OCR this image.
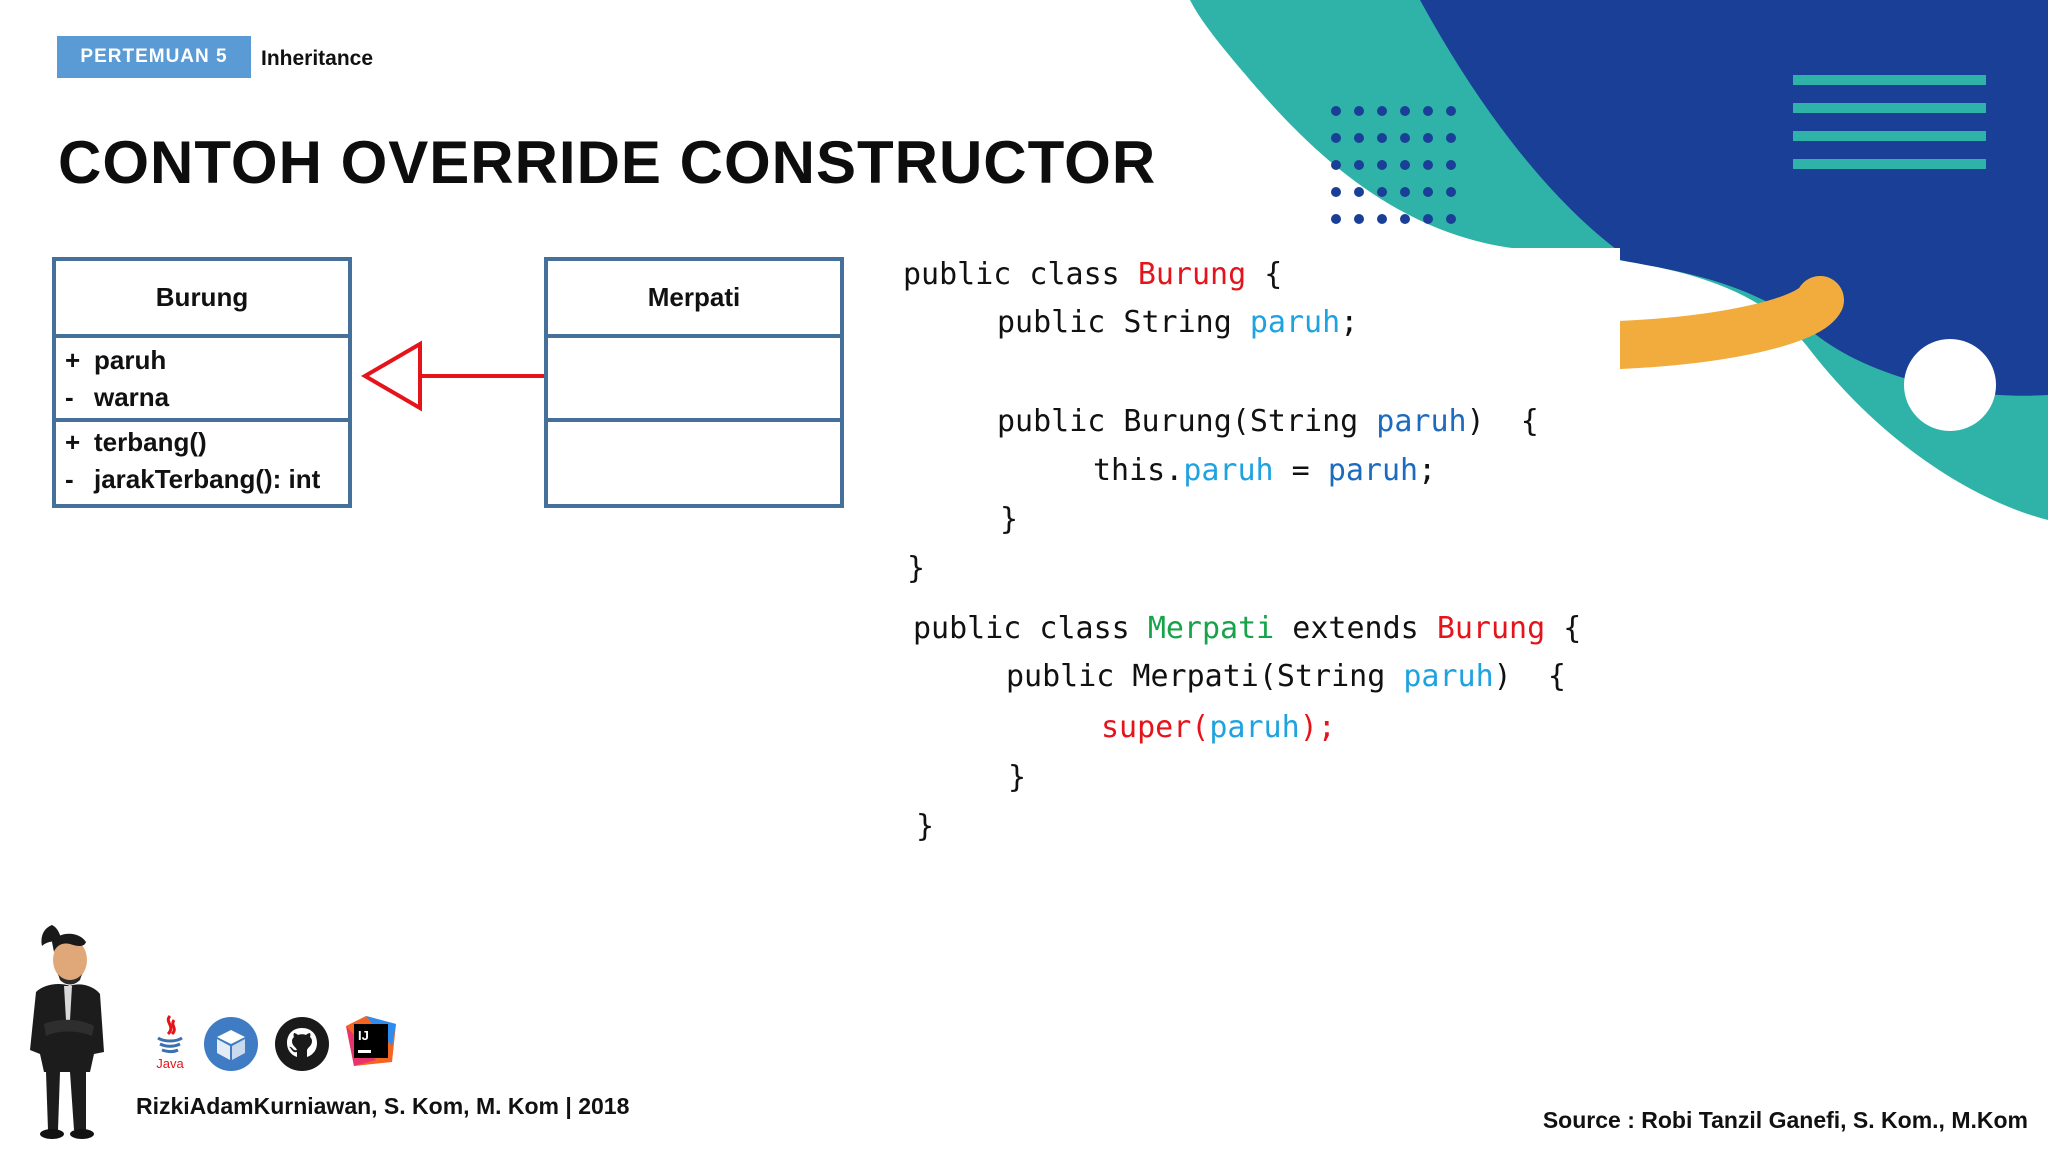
PERTEMUAN 5	Inheritance
CONTOH OVERRIDE CONSTRUCTOR
Burung
+ paruh
- warna
+ terbang()
- jarakTerbang(): int
Merpati
public class Burung {
public String paruh;
public Burung(String paruh)  {
this.paruh = paruh;
}
}
public class Merpati extends Burung {
public Merpati(String paruh)  {
super(paruh);
}
}
Java
IJ
RizkiAdamKurniawan, S. Kom, M. Kom | 2018
Source : Robi Tanzil Ganefi, S. Kom., M.Kom
